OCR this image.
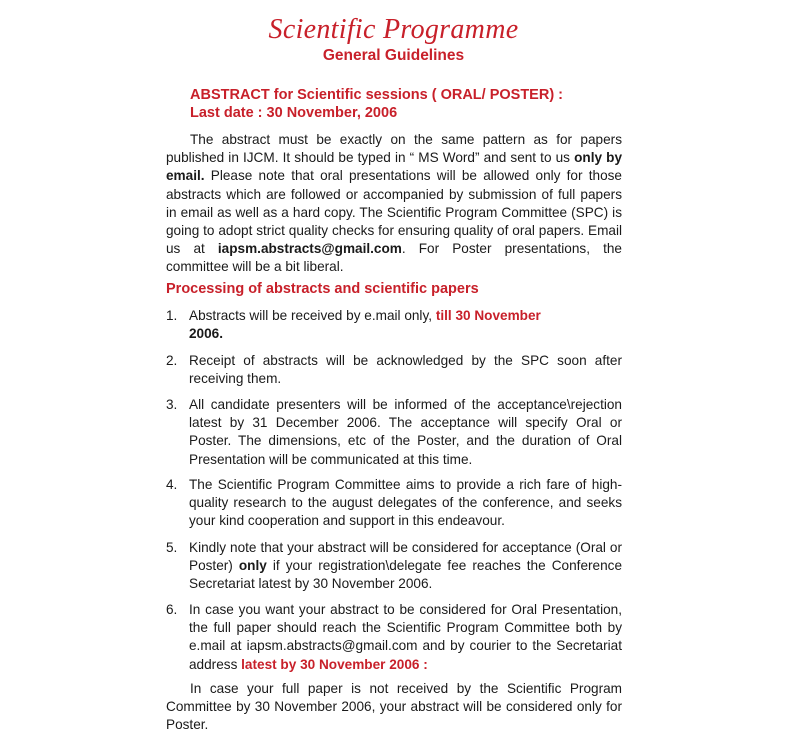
Scientific Programme
General Guidelines
ABSTRACT for Scientific sessions ( ORAL/ POSTER) :
Last date : 30 November, 2006
The abstract must be exactly on the same pattern as for papers published in IJCM. It should be typed in “ MS Word” and sent to us only by email. Please note that oral presentations will be allowed only for those abstracts which are followed or accompanied by submission of full papers in email as well as a hard copy. The Scientific Program Committee (SPC) is going to adopt strict quality checks for ensuring quality of oral papers. Email us at iapsm.abstracts@gmail.com. For Poster presentations, the committee will be a bit liberal.
Processing of abstracts and scientific papers
1. Abstracts will be received by e.mail only, till 30 November
2006.
2. Receipt of abstracts will be acknowledged by the SPC soon after receiving them.
3. All candidate presenters will be informed of the acceptance\rejection latest by 31 December 2006. The acceptance will specify Oral or Poster. The dimensions, etc of the Poster, and the duration of Oral Presentation will be communicated at this time.
4. The Scientific Program Committee aims to provide a rich fare of high-quality research to the august delegates of the conference, and seeks your kind cooperation and support in this endeavour.
5. Kindly note that your abstract will be considered for acceptance (Oral or Poster) only if your registration\delegate fee reaches the Conference Secretariat latest by 30 November 2006.
6. In case you want your abstract to be considered for Oral Presentation, the full paper should reach the Scientific Program Committee both by e.mail at iapsm.abstracts@gmail.com and by courier to the Secretariat address latest by 30 November 2006 :
In case your full paper is not received by the Scientific Program Committee by 30 November 2006, your abstract will be considered only for Poster.
